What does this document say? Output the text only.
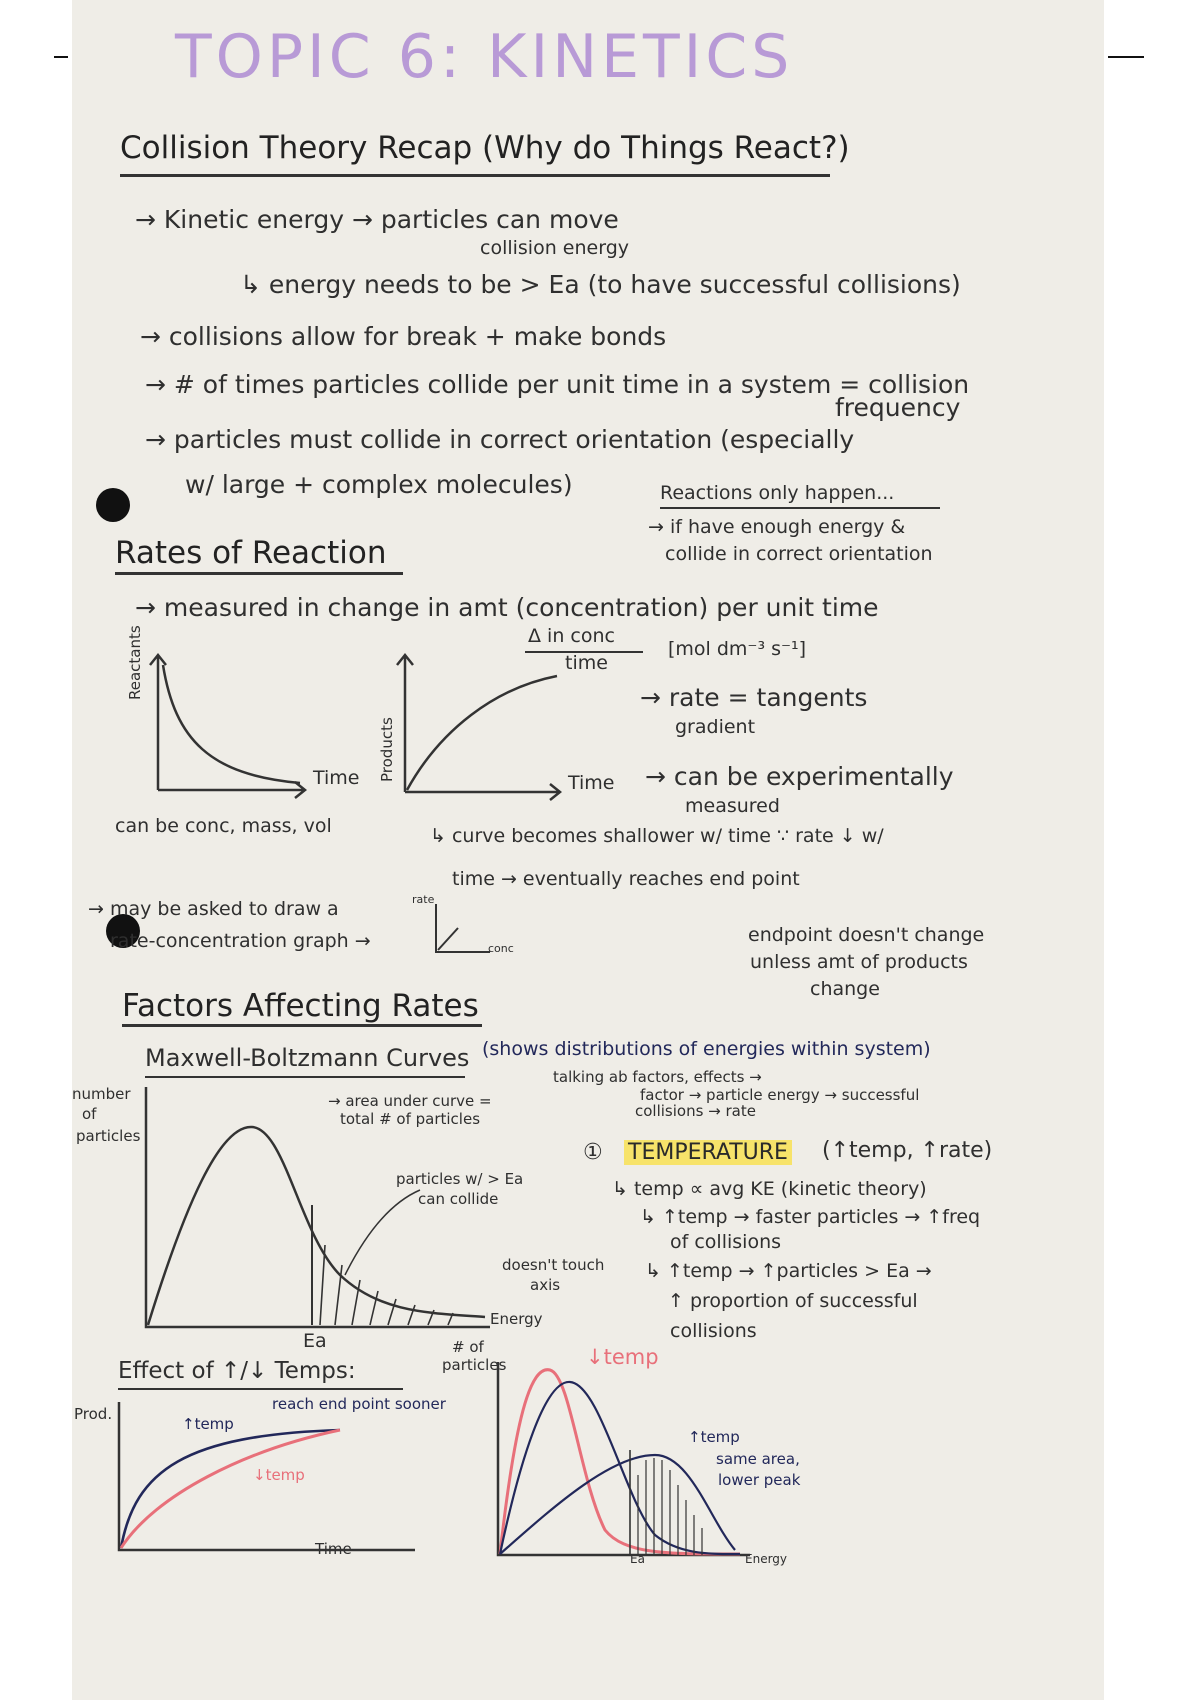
TOPIC 6: KINETICS
Collision Theory Recap (Why do Things React?)
→ Kinetic energy → particles can move
collision energy
↳ energy needs to be > Ea (to have successful collisions)
→ collisions allow for break + make bonds
→ # of times particles collide per unit time in a system = collision
frequency
→ particles must collide in correct orientation (especially
w/ large + complex molecules)	Reactions only happen...
→ if have enough energy &
collide in correct orientation
Rates of Reaction
→ measured in change in amt (concentration) per unit time
Δ in conc
time
[mol dm⁻³ s⁻¹]
Reactants
Time Products
Time
can be conc, mass, vol
→ rate = tangents
gradient
→ can be experimentally
measured
↳ curve becomes shallower w/ time ∵ rate ↓ w/
time → eventually reaches end point
endpoint doesn't change
unless amt of products
change
→ may be asked to draw a
rate-concentration graph →
rate
conc
Factors Affecting Rates
Maxwell-Boltzmann Curves (shows distributions of energies within system)
talking ab factors, effects →
factor → particle energy → successful
collisions → rate
number
of
particles
→ area under curve =
total # of particles
particles w/ > Ea
can collide
doesn't touch
axis
Energy
Ea
① TEMPERATURE (↑temp, ↑rate)
↳ temp ∝ avg KE (kinetic theory)
↳ ↑temp → faster particles → ↑freq
of collisions
↳ ↑temp → ↑particles > Ea →
↑ proportion of successful
collisions
Effect of ↑/↓ Temps:
Prod.
↑temp
reach end point sooner
↓temp
Time
# of
particles	↓temp
↑temp
same area,
lower peak
Energy
Ea
